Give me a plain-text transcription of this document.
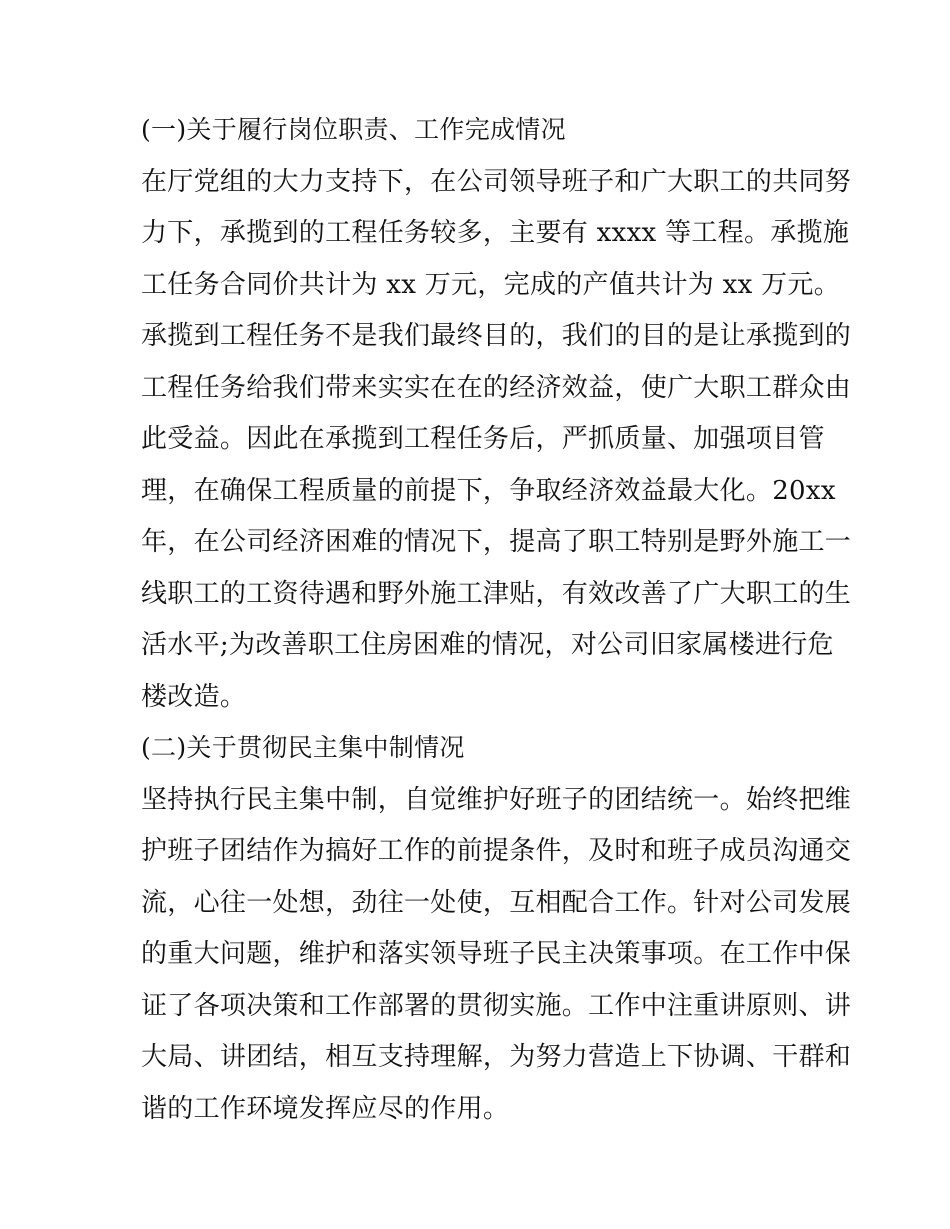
(一)关于履行岗位职责、工作完成情况
在厅党组的大力支持下，在公司领导班子和广大职工的共同努
力下，承揽到的工程任务较多，主要有 xxxx 等工程。承揽施
工任务合同价共计为 xx 万元，完成的产值共计为 xx 万元。
承揽到工程任务不是我们最终目的，我们的目的是让承揽到的
工程任务给我们带来实实在在的经济效益，使广大职工群众由
此受益。因此在承揽到工程任务后，严抓质量、加强项目管
理，在确保工程质量的前提下，争取经济效益最大化。20xx
年，在公司经济困难的情况下，提高了职工特别是野外施工一
线职工的工资待遇和野外施工津贴，有效改善了广大职工的生
活水平;为改善职工住房困难的情况，对公司旧家属楼进行危
楼改造。
(二)关于贯彻民主集中制情况
坚持执行民主集中制，自觉维护好班子的团结统一。始终把维
护班子团结作为搞好工作的前提条件，及时和班子成员沟通交
流，心往一处想，劲往一处使，互相配合工作。针对公司发展
的重大问题，维护和落实领导班子民主决策事项。在工作中保
证了各项决策和工作部署的贯彻实施。工作中注重讲原则、讲
大局、讲团结，相互支持理解，为努力营造上下协调、干群和
谐的工作环境发挥应尽的作用。
